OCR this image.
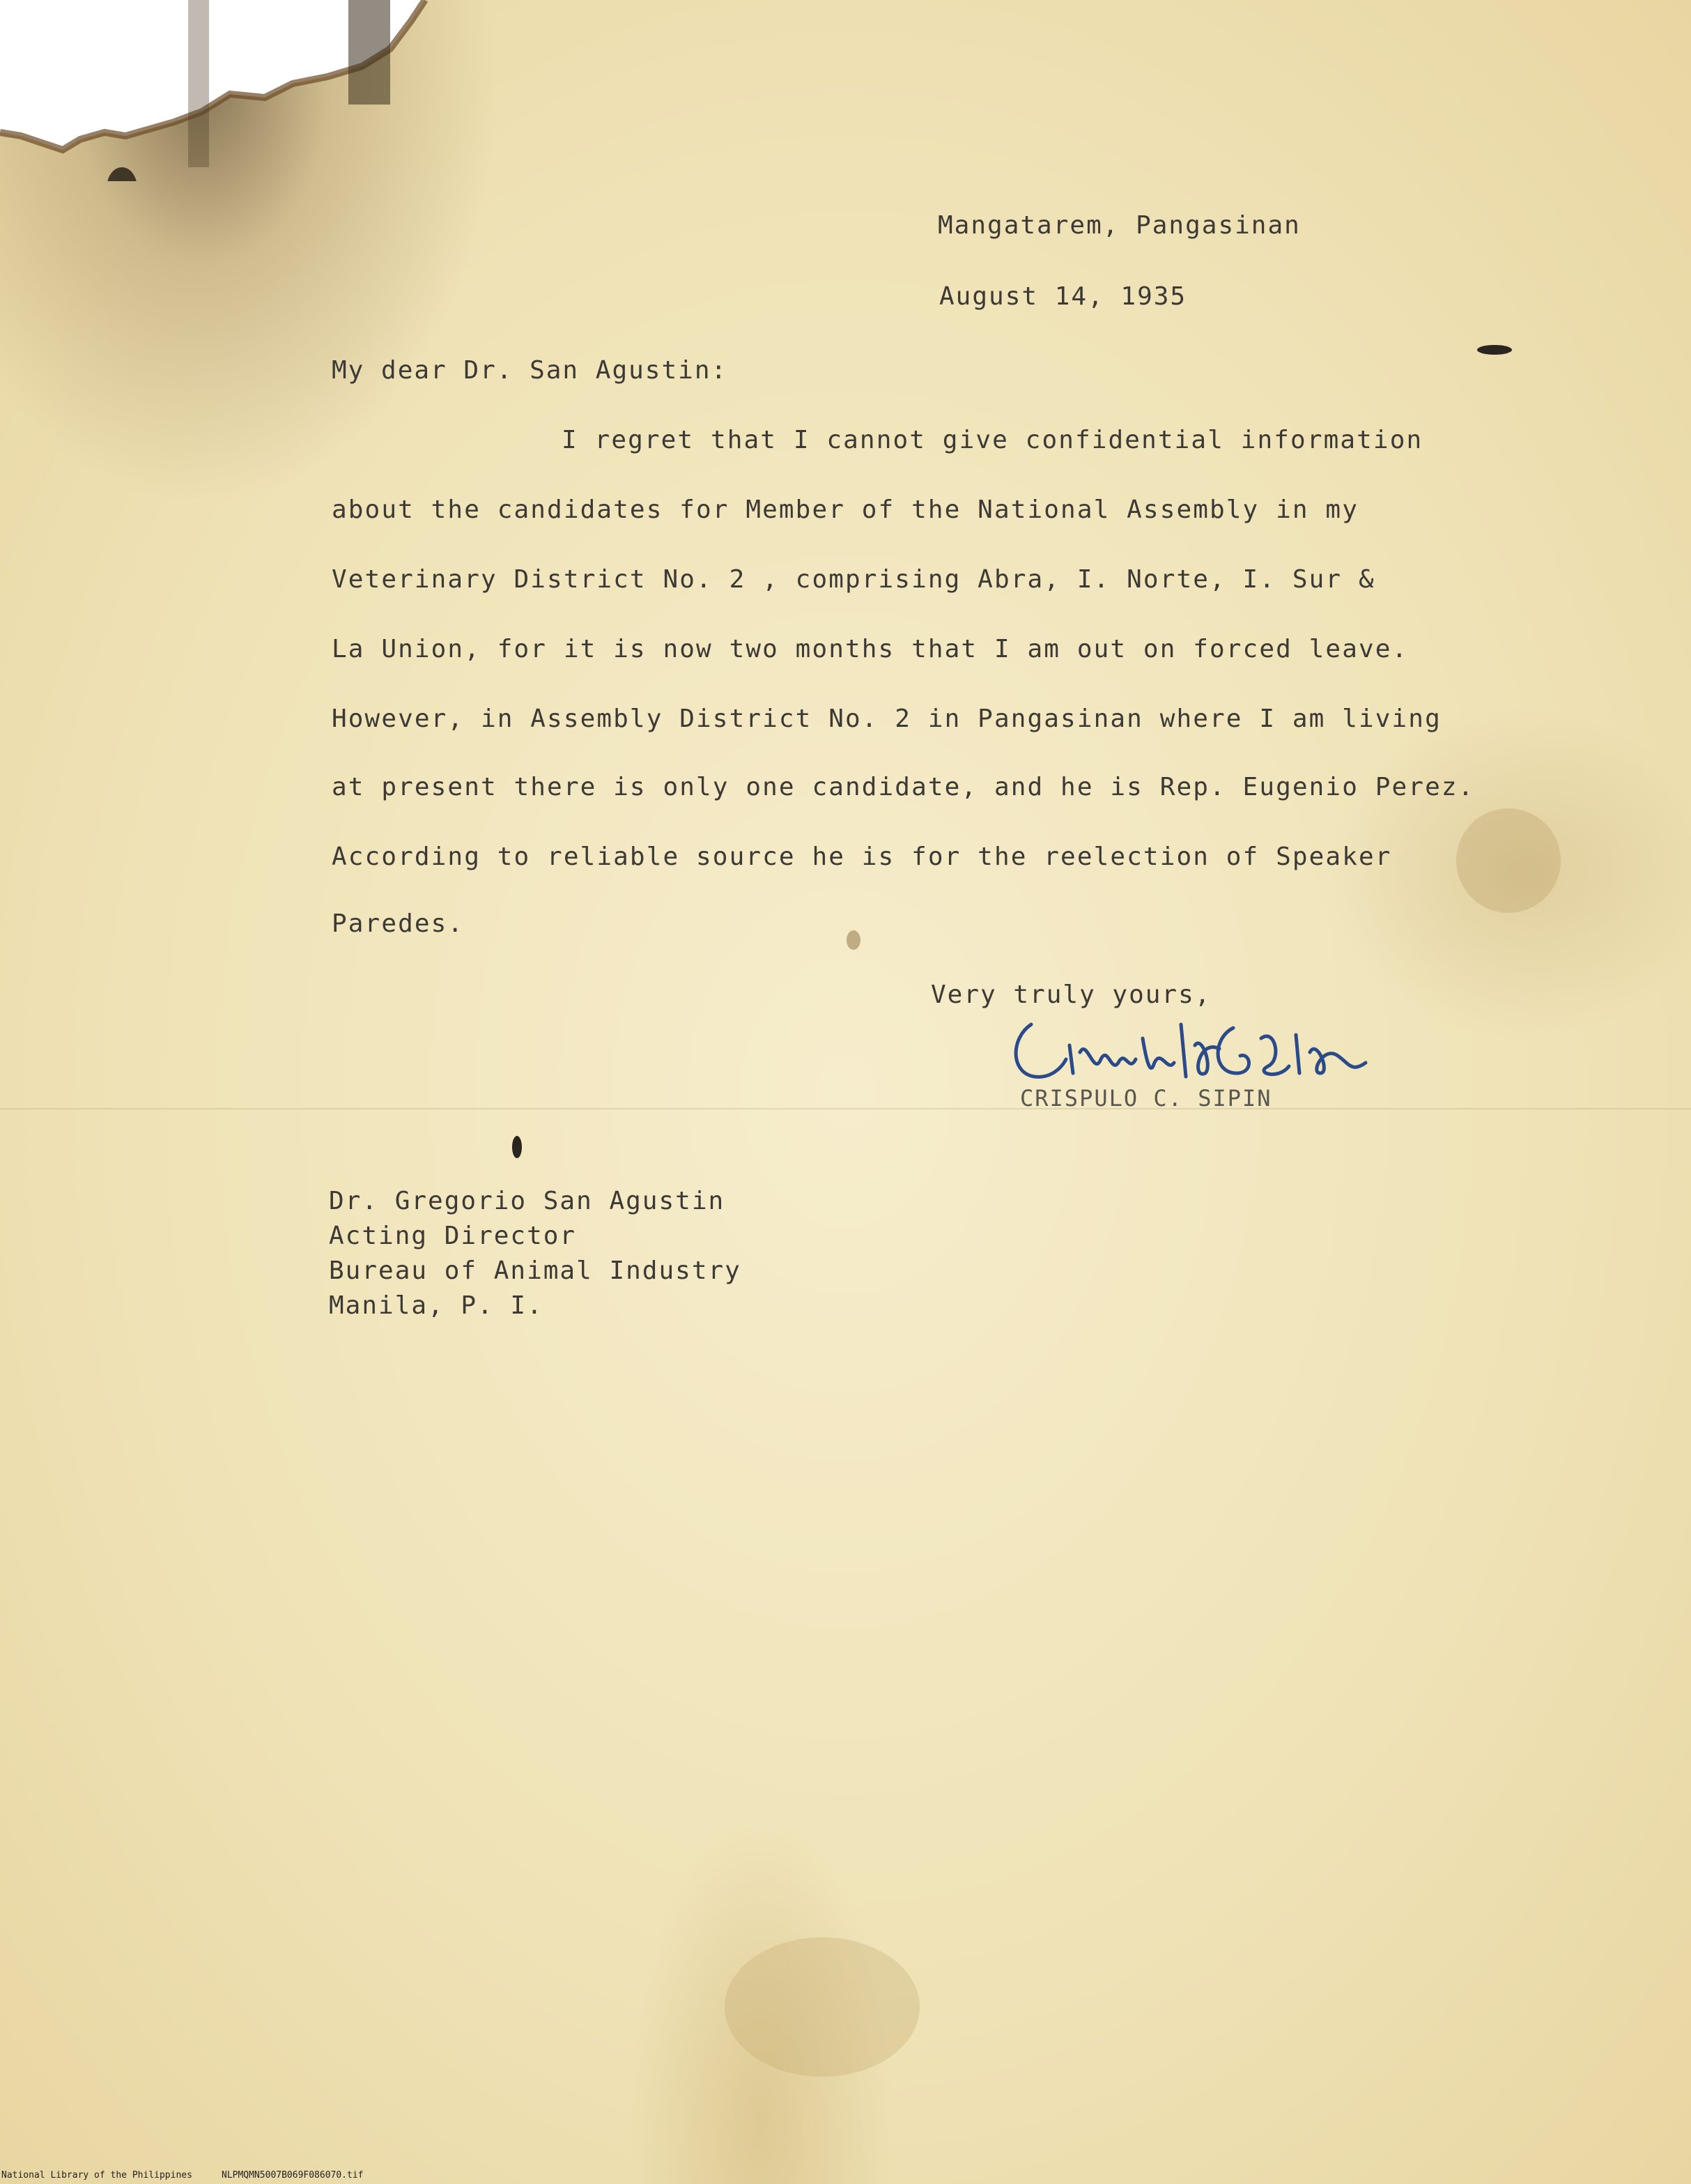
Mangatarem, Pangasinan
August 14, 1935
My dear Dr. San Agustin:
I regret that I cannot give confidential information
about the candidates for Member of the National Assembly in my
Veterinary District No. 2 , comprising Abra, I. Norte, I. Sur &
La Union, for it is now two months that I am out on forced leave.
However, in Assembly District No. 2 in Pangasinan where I am living
at present there is only one candidate, and he is Rep. Eugenio Perez.
According to reliable source he is for the reelection of Speaker
Paredes.
Very truly yours,
CRISPULO C. SIPIN
Dr. Gregorio San Agustin
Acting Director
Bureau of Animal Industry
Manila, P. I.
National Library of the Philippines	NLPMQMN5007B069F086070.tif
